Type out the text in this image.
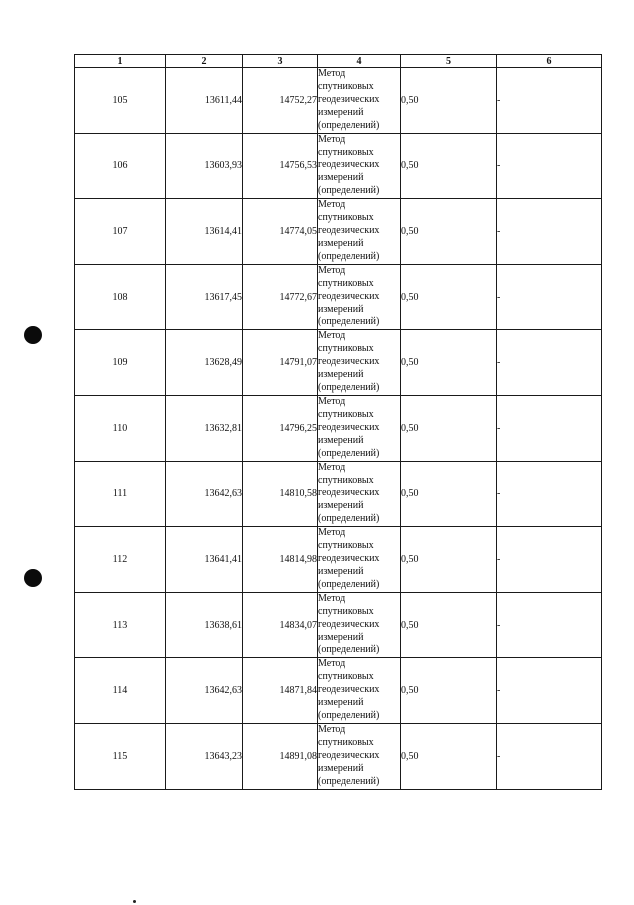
1	2	3	4	5	6
105	13611,44	14752,27	Метод
спутниковых
геодезических
измерений
(определений)	0,50	-
106	13603,93	14756,53	Метод
спутниковых
геодезических
измерений
(определений)	0,50	-
107	13614,41	14774,05	Метод
спутниковых
геодезических
измерений
(определений)	0,50	-
108	13617,45	14772,67	Метод
спутниковых
геодезических
измерений
(определений)	0,50	-
109	13628,49	14791,07	Метод
спутниковых
геодезических
измерений
(определений)	0,50	-
110	13632,81	14796,25	Метод
спутниковых
геодезических
измерений
(определений)	0,50	-
111	13642,63	14810,58	Метод
спутниковых
геодезических
измерений
(определений)	0,50	-
112	13641,41	14814,98	Метод
спутниковых
геодезических
измерений
(определений)	0,50	-
113	13638,61	14834,07	Метод
спутниковых
геодезических
измерений
(определений)	0,50	-
114	13642,63	14871,84	Метод
спутниковых
геодезических
измерений
(определений)	0,50	-
115	13643,23	14891,08	Метод
спутниковых
геодезических
измерений
(определений)	0,50	-
